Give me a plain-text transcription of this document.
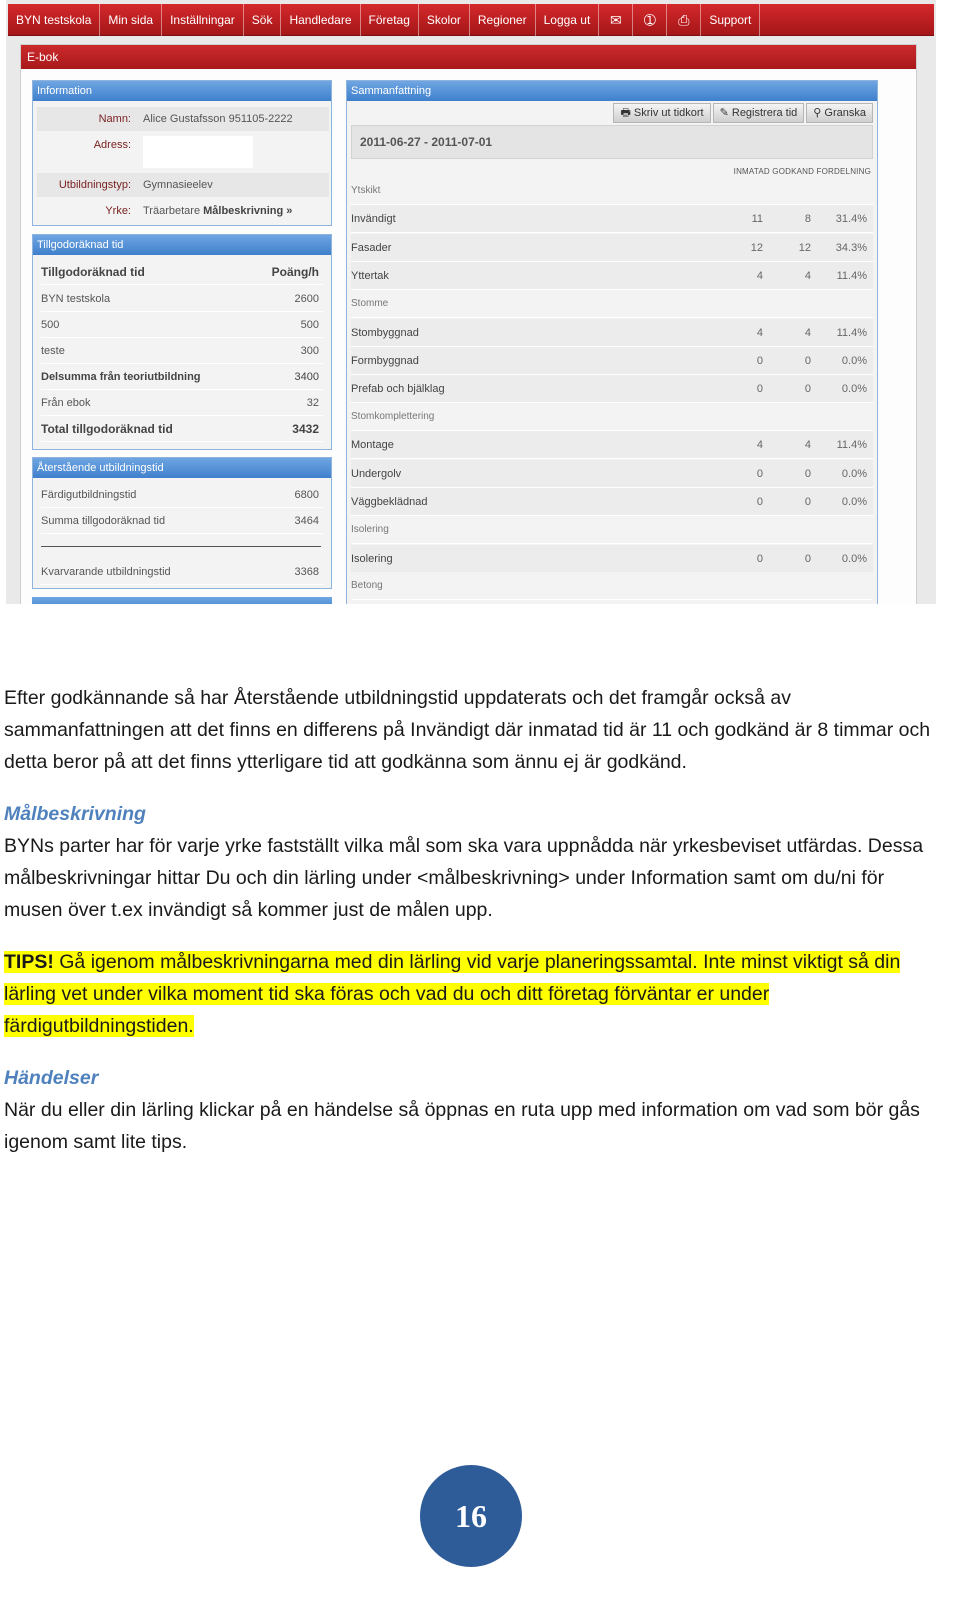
BYN testskola	Min sida	Inställningar	Sök	Handledare	Företag	Skolor	Regioner	Logga ut	✉	➀	⎙	Support
E-bok
Information
Namn: Alice Gustafsson 951105-2222
Adress:
Utbildningstyp: Gymnasieelev
Yrke: Träarbetare Målbeskrivning »
Tillgodoräknad tid
Tillgodoräknad tid	Poäng/h
BYN testskola	2600
500	500
teste	300
Delsumma från teoriutbildning	3400
Från ebok	32
Total tillgodoräknad tid	3432
Återstående utbildningstid
Färdigutbildningstid	6800
Summa tillgodoräknad tid	3464
Kvarvarande utbildningstid	3368
Sammanfattning
🖶 Skriv ut tidkort	✎ Registrera tid	⚲ Granska
2011-06-27 - 2011-07-01
INMATAD GODKAND FORDELNING
Ytskikt
Invändigt	11	8 31.4%
Fasader	12	12 34.3%
Yttertak	4	4 11.4%
Stomme
Stombyggnad	4	4 11.4%
Formbyggnad	0	0	0.0%
Prefab och bjälklag	0	0	0.0%
Stomkomplettering
Montage	4	4 11.4%
Undergolv	0	0	0.0%
Väggbeklädnad	0	0	0.0%
Isolering
Isolering	0	0	0.0%
Betong

Efter godkännande så har Återstående utbildningstid uppdaterats och det framgår också av sammanfattningen att det finns en differens på Invändigt där inmatad tid är 11 och godkänd är 8 timmar och detta beror på att det finns ytterligare tid att godkänna som ännu ej är godkänd.

Målbeskrivning

BYNs parter har för varje yrke fastställt vilka mål som ska vara uppnådda när yrkesbeviset utfärdas. Dessa målbeskrivningar hittar Du och din lärling under <målbeskrivning> under Information samt om du/ni för musen över t.ex invändigt så kommer just de målen upp.

TIPS! Gå igenom målbeskrivningarna med din lärling vid varje planeringssamtal. Inte minst viktigt så din lärling vet under vilka moment tid ska föras och vad du och ditt företag förväntar er under färdigutbildningstiden.

Händelser

När du eller din lärling klickar på en händelse så öppnas en ruta upp med information om vad som bör gås igenom samt lite tips.

16
